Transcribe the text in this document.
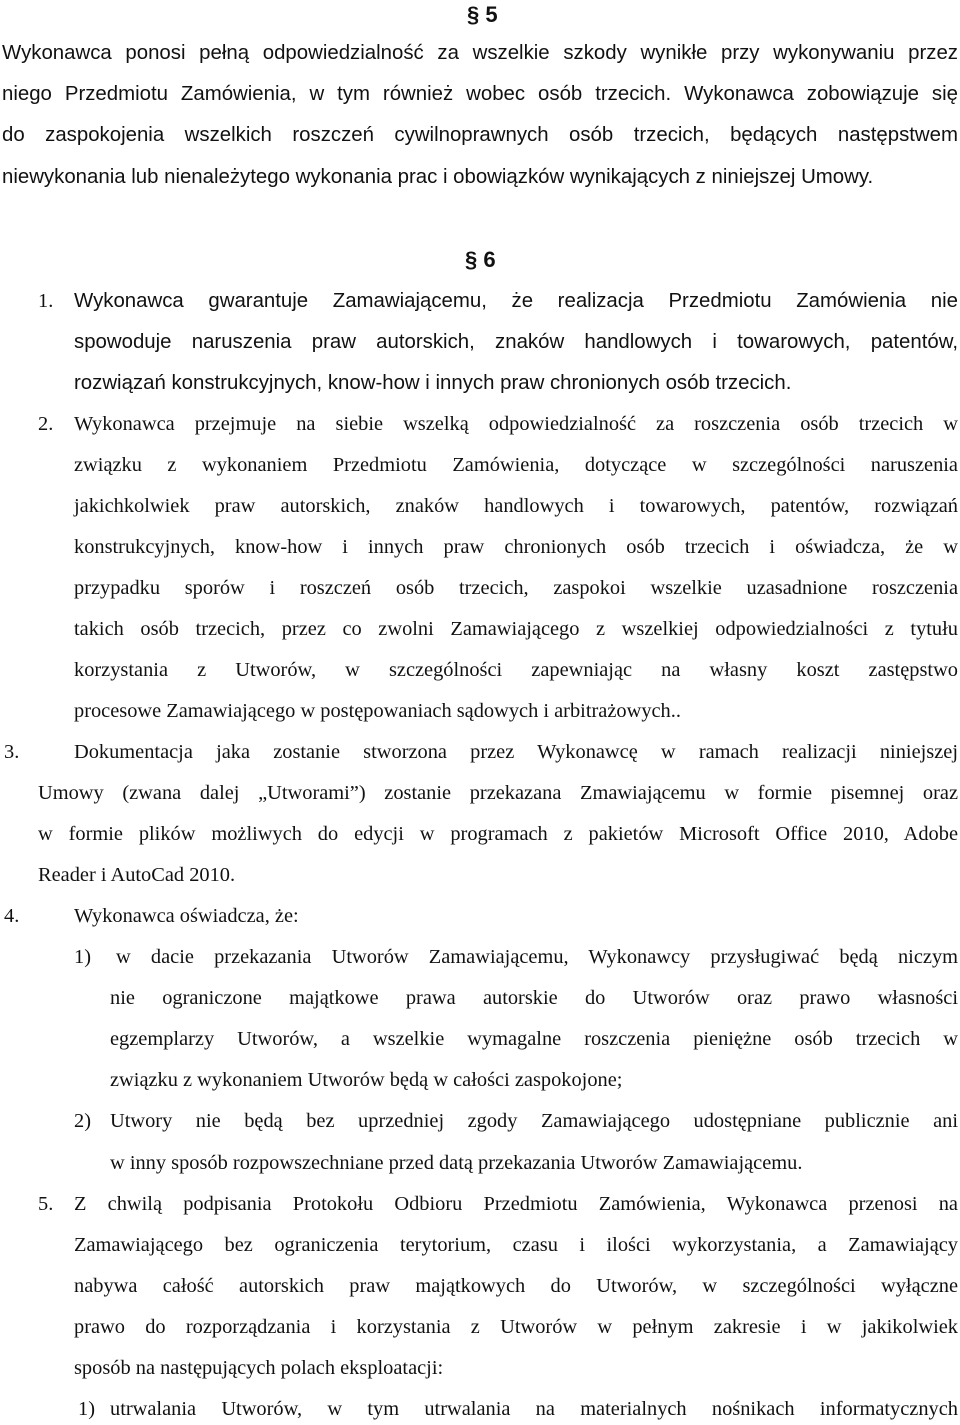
§ 5
Wykonawca ponosi pełną odpowiedzialność za wszelkie szkody wynikłe przy wykonywaniu przez
niego Przedmiotu Zamówienia, w tym również wobec osób trzecich. Wykonawca zobowiązuje się
do zaspokojenia wszelkich roszczeń cywilnoprawnych osób trzecich, będących następstwem
niewykonania lub nienależytego wykonania prac i obowiązków wynikających z niniejszej Umowy.
§ 6
1. Wykonawca gwarantuje Zamawiającemu, że realizacja Przedmiotu Zamówienia nie
spowoduje naruszenia praw autorskich, znaków handlowych i towarowych, patentów,
rozwiązań konstrukcyjnych, know-how i innych praw chronionych osób trzecich.
2. Wykonawca przejmuje na siebie wszelką odpowiedzialność za roszczenia osób trzecich w
związku z wykonaniem Przedmiotu Zamówienia, dotyczące w szczególności naruszenia
jakichkolwiek praw autorskich, znaków handlowych i towarowych, patentów, rozwiązań
konstrukcyjnych, know-how i innych praw chronionych osób trzecich i oświadcza, że w
przypadku sporów i roszczeń osób trzecich, zaspokoi wszelkie uzasadnione roszczenia
takich osób trzecich, przez co zwolni Zamawiającego z wszelkiej odpowiedzialności z tytułu
korzystania z Utworów, w szczególności zapewniając na własny koszt zastępstwo
procesowe Zamawiającego w postępowaniach sądowych i arbitrażowych..
3.	Dokumentacja jaka zostanie stworzona przez Wykonawcę w ramach realizacji niniejszej
Umowy (zwana dalej „Utworami”) zostanie przekazana Zmawiającemu w formie pisemnej oraz
w formie plików możliwych do edycji w programach z pakietów Microsoft Office 2010, Adobe
Reader i AutoCad 2010.
4.	Wykonawca oświadcza, że:
1) w dacie przekazania Utworów Zamawiającemu, Wykonawcy przysługiwać będą niczym
nie ograniczone majątkowe prawa autorskie do Utworów oraz prawo własności
egzemplarzy Utworów, a wszelkie wymagalne roszczenia pieniężne osób trzecich w
związku z wykonaniem Utworów będą w całości zaspokojone;
2) Utwory nie będą bez uprzedniej zgody Zamawiającego udostępniane publicznie ani
w inny sposób rozpowszechniane przed datą przekazania Utworów Zamawiającemu.
5. Z chwilą podpisania Protokołu Odbioru Przedmiotu Zamówienia, Wykonawca przenosi na
Zamawiającego bez ograniczenia terytorium, czasu i ilości wykorzystania, a Zamawiający
nabywa całość autorskich praw majątkowych do Utworów, w szczególności wyłączne
prawo do rozporządzania i korzystania z Utworów w pełnym zakresie i w jakikolwiek
sposób na następujących polach eksploatacji:
1) utrwalania Utworów, w tym utrwalania na materialnych nośnikach informatycznych
